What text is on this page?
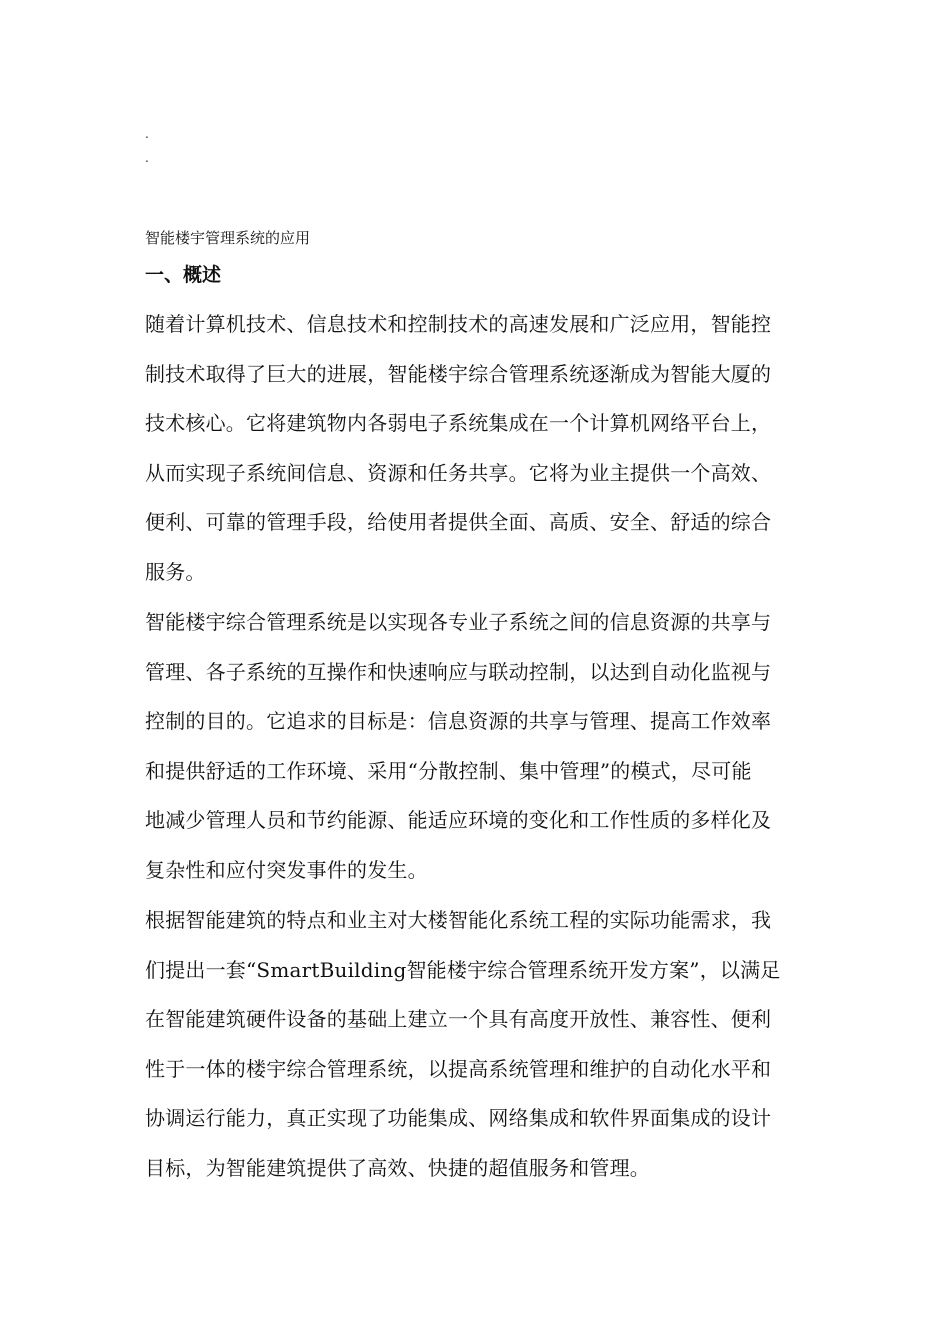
.
.
智能楼宇管理系统的应用
一、概述
随着计算机技术、信息技术和控制技术的高速发展和广泛应用，智能控
制技术取得了巨大的进展，智能楼宇综合管理系统逐渐成为智能大厦的
技术核心。它将建筑物内各弱电子系统集成在一个计算机网络平台上，
从而实现子系统间信息、资源和任务共享。它将为业主提供一个高效、
便利、可靠的管理手段，给使用者提供全面、高质、安全、舒适的综合
服务。
智能楼宇综合管理系统是以实现各专业子系统之间的信息资源的共享与
管理、各子系统的互操作和快速响应与联动控制，以达到自动化监视与
控制的目的。它追求的目标是：信息资源的共享与管理、提高工作效率
和提供舒适的工作环境、采用“分散控制、集中管理”的模式，尽可能
地减少管理人员和节约能源、能适应环境的变化和工作性质的多样化及
复杂性和应付突发事件的发生。
根据智能建筑的特点和业主对大楼智能化系统工程的实际功能需求，我
们提出一套“SmartBuilding智能楼宇综合管理系统开发方案”，以满足
在智能建筑硬件设备的基础上建立一个具有高度开放性、兼容性、便利
性于一体的楼宇综合管理系统，以提高系统管理和维护的自动化水平和
协调运行能力，真正实现了功能集成、网络集成和软件界面集成的设计
目标，为智能建筑提供了高效、快捷的超值服务和管理。
